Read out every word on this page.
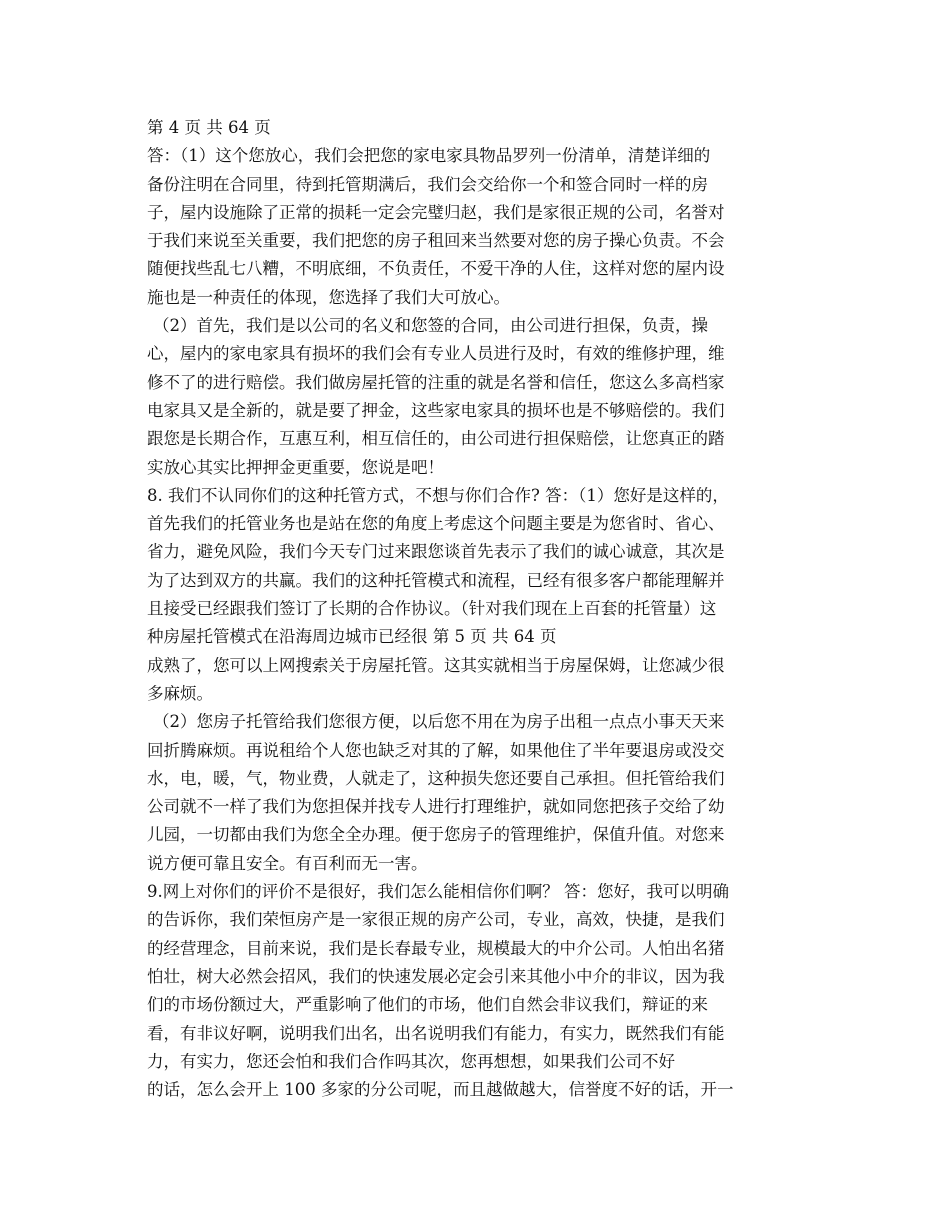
第 4 页 共 64 页
答：（1）这个您放心，我们会把您的家电家具物品罗列一份清单，清楚详细的
备份注明在合同里，待到托管期满后，我们会交给你一个和签合同时一样的房
子，屋内设施除了正常的损耗一定会完璧归赵，我们是家很正规的公司，名誉对
于我们来说至关重要，我们把您的房子租回来当然要对您的房子操心负责。不会
随便找些乱七八糟，不明底细，不负责任，不爱干净的人住，这样对您的屋内设
施也是一种责任的体现，您选择了我们大可放心。
（2）首先，我们是以公司的名义和您签的合同，由公司进行担保，负责，操
心，屋内的家电家具有损坏的我们会有专业人员进行及时，有效的维修护理，维
修不了的进行赔偿。我们做房屋托管的注重的就是名誉和信任，您这么多高档家
电家具又是全新的，就是要了押金，这些家电家具的损坏也是不够赔偿的。我们
跟您是长期合作，互惠互利，相互信任的，由公司进行担保赔偿，让您真正的踏
实放心其实比押押金更重要，您说是吧！
8. 我们不认同你们的这种托管方式，不想与你们合作? 答：（1）您好是这样的，
首先我们的托管业务也是站在您的角度上考虑这个问题主要是为您省时、省心、
省力，避免风险，我们今天专门过来跟您谈首先表示了我们的诚心诚意，其次是
为了达到双方的共赢。我们的这种托管模式和流程，已经有很多客户都能理解并
且接受已经跟我们签订了长期的合作协议。（针对我们现在上百套的托管量）这
种房屋托管模式在沿海周边城市已经很 第 5 页 共 64 页
成熟了，您可以上网搜索关于房屋托管。这其实就相当于房屋保姆，让您减少很
多麻烦。
（2）您房子托管给我们您很方便，以后您不用在为房子出租一点点小事天天来
回折腾麻烦。再说租给个人您也缺乏对其的了解，如果他住了半年要退房或没交
水，电，暖，气，物业费，人就走了，这种损失您还要自己承担。但托管给我们
公司就不一样了我们为您担保并找专人进行打理维护，就如同您把孩子交给了幼
儿园，一切都由我们为您全全办理。便于您房子的管理维护，保值升值。对您来
说方便可靠且安全。有百利而无一害。
9.网上对你们的评价不是很好，我们怎么能相信你们啊？ 答：您好，我可以明确
的告诉你，我们荣恒房产是一家很正规的房产公司，专业，高效，快捷，是我们
的经营理念，目前来说，我们是长春最专业，规模最大的中介公司。人怕出名猪
怕壮，树大必然会招风，我们的快速发展必定会引来其他小中介的非议，因为我
们的市场份额过大，严重影响了他们的市场，他们自然会非议我们，辩证的来
看，有非议好啊，说明我们出名，出名说明我们有能力，有实力，既然我们有能
力，有实力，您还会怕和我们合作吗其次，您再想想，如果我们公司不好
的话，怎么会开上 100 多家的分公司呢，而且越做越大，信誉度不好的话，开一
